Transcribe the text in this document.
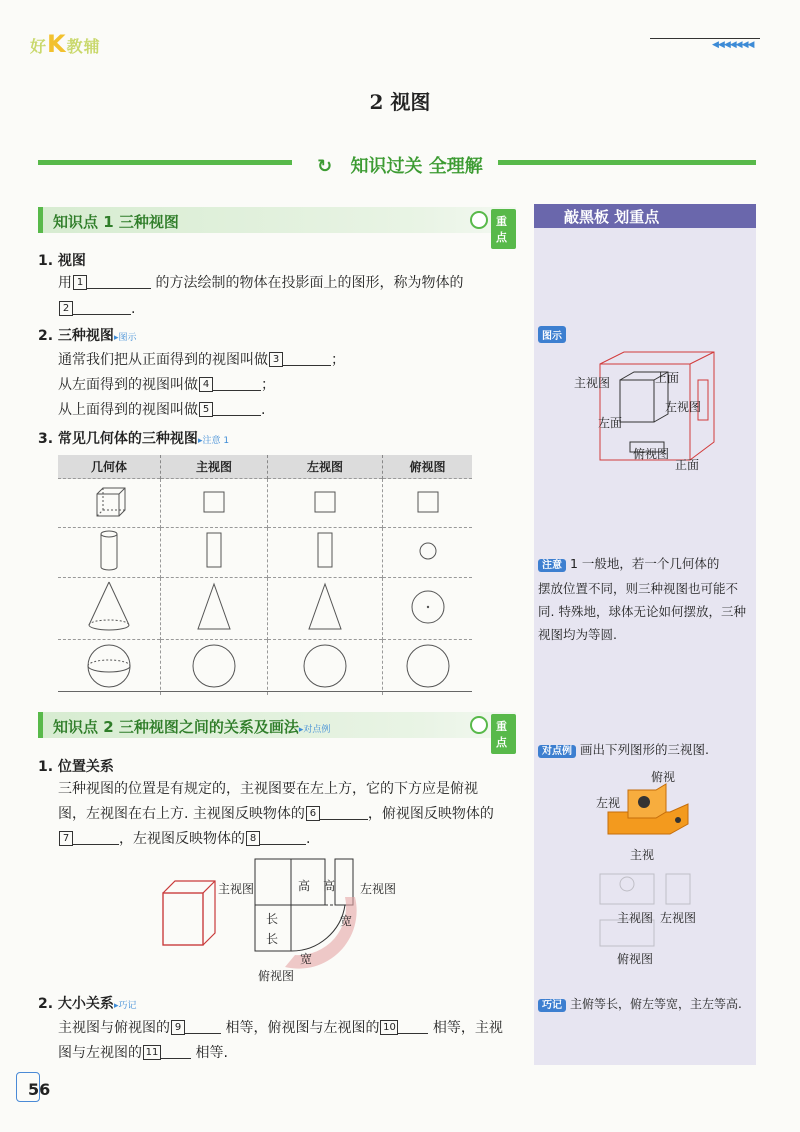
好K教辅	◀◀◀◀◀◀◀
2 视图
↻ 知识过关 全理解
知识点 1 三种视图	重点
1. 视图
用 1	的方法绘制的物体在投影面上的图形，称为物体的
2	.
2. 三种视图▸图示
通常我们把从正面得到的视图叫做 3	；
从左面得到的视图叫做 4	；
从上面得到的视图叫做 5	.
3. 常见几何体的三种视图▸注意 1
几何体	主视图	左视图	俯视图

知识点 2 三种视图之间的关系及画法▸对点例	重点
1. 位置关系
三种视图的位置是有规定的，主视图要在左上方，它的下方应是俯视
图，左视图在右上方. 主视图反映物体的 6	，俯视图反映物体的
7	，左视图反映物体的 8	.
主视图	左视图
俯视图
高 高
长
长
宽
宽
2. 大小关系▸巧记
主视图与俯视图的 9	相等，俯视图与左视图的 10	相等，主视
图与左视图的 11	相等.
56
敲黑板 划重点
图示
主视图	上面
左视图
左面
俯视图
正面
注意 1 一般地，若一个几何体的
摆放位置不同，则三种视图也可能不
同. 特殊地，球体无论如何摆放，三种
视图均为等圆.
对点例 画出下列图形的三视图.
俯视
左视
主视
主视图 左视图
俯视图
巧记 主俯等长，俯左等宽，主左等高.
